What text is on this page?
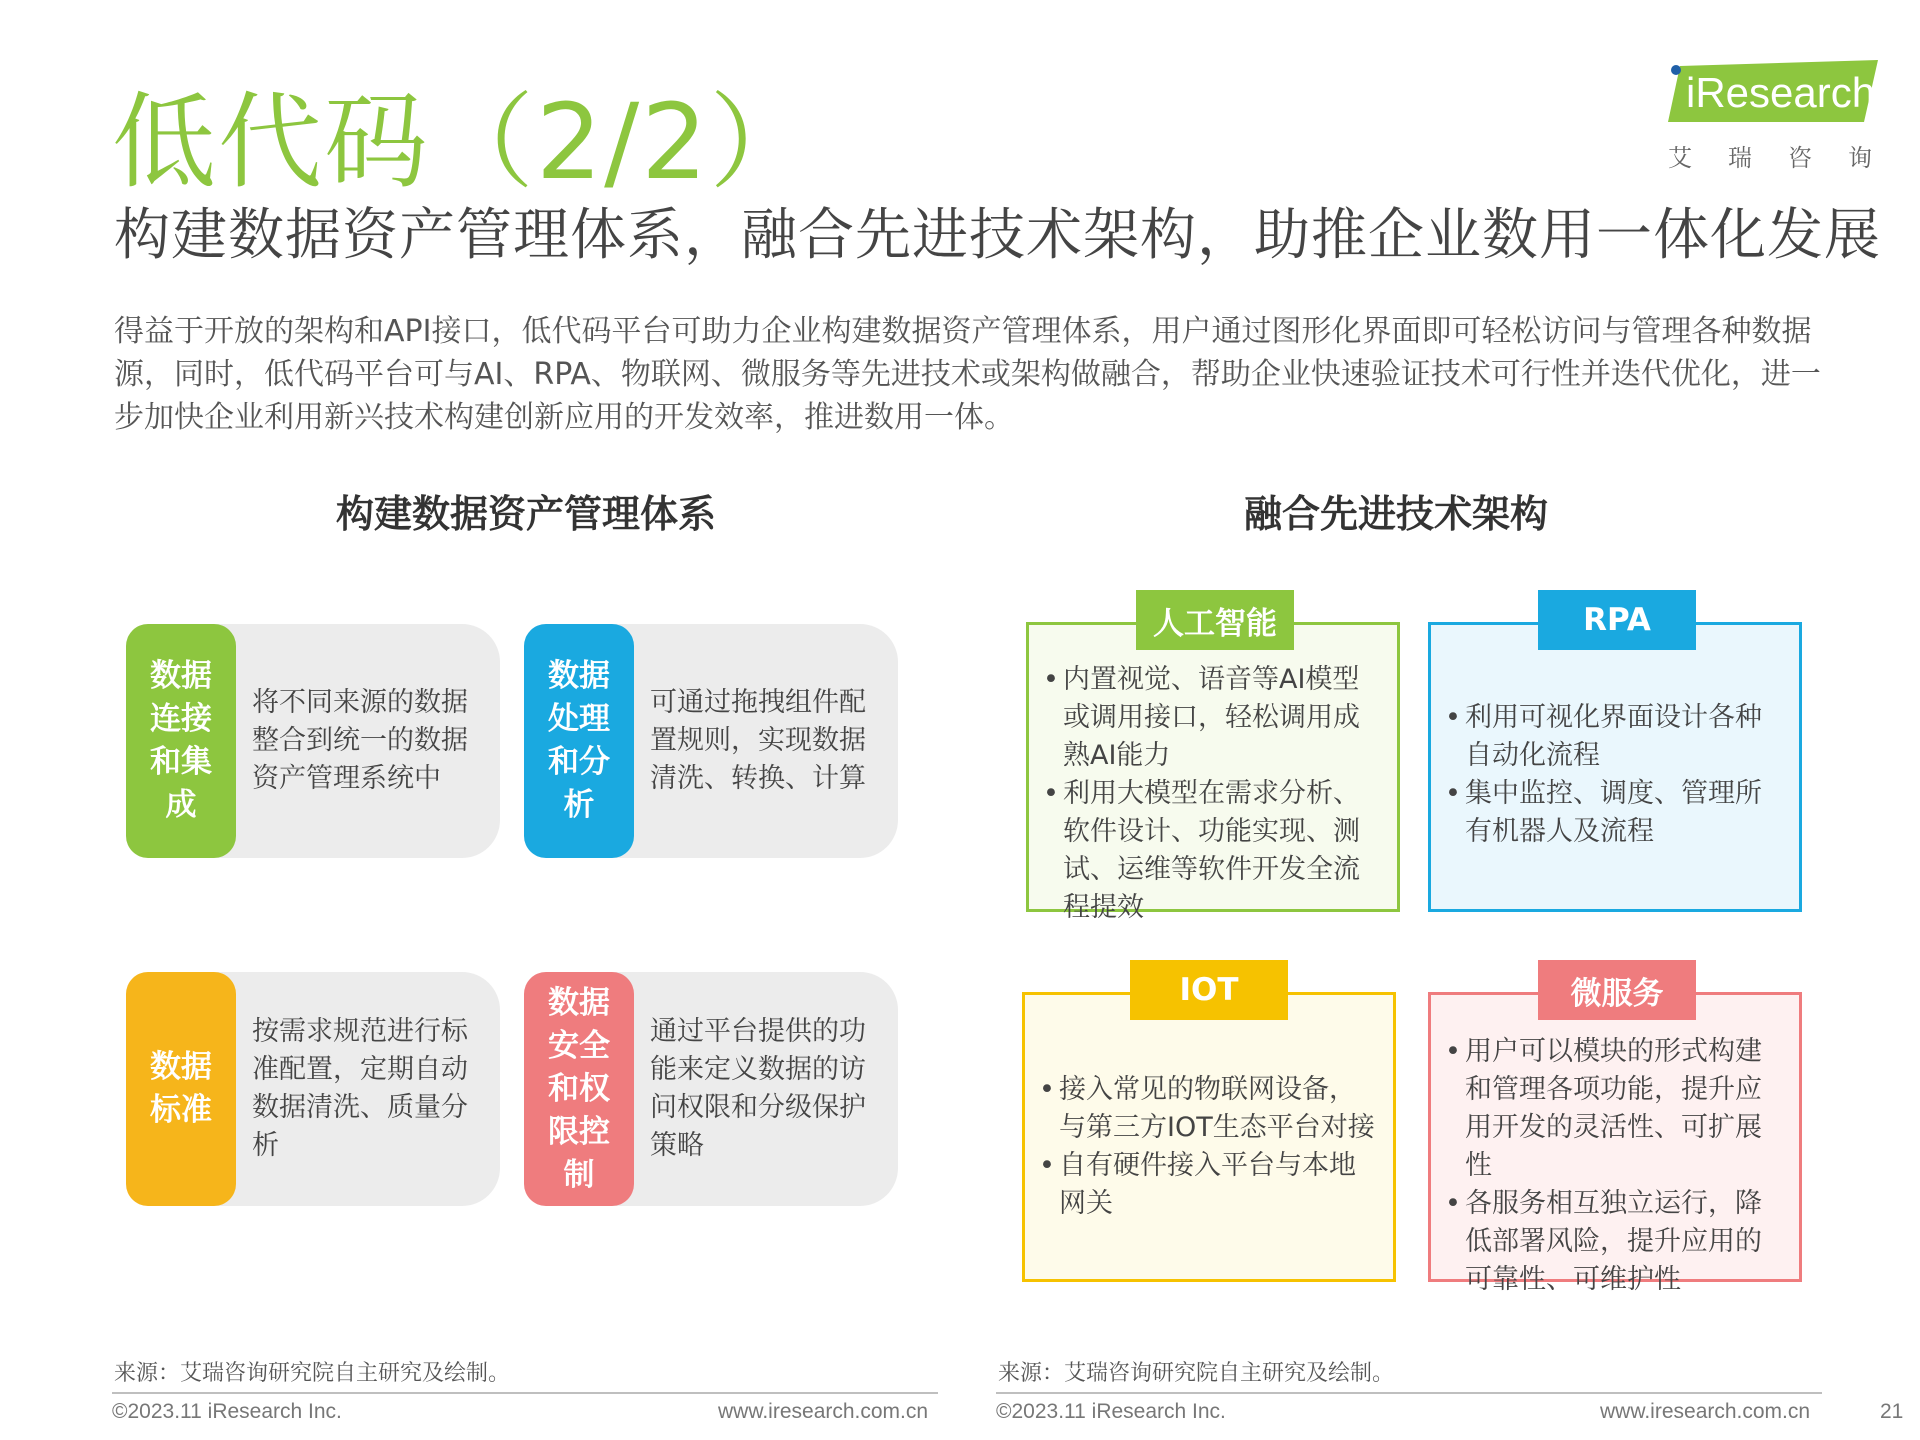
低代码（2/2）
构建数据资产管理体系，融合先进技术架构，助推企业数用一体化发展
得益于开放的架构和API接口，低代码平台可助力企业构建数据资产管理体系，用户通过图形化界面即可轻松访问与管理各种数据源，同时，低代码平台可与AI、RPA、物联网、微服务等先进技术或架构做融合，帮助企业快速验证技术可行性并迭代优化，进一步加快企业利用新兴技术构建创新应用的开发效率，推进数用一体。
iResearch
艾	瑞	咨	询
构建数据资产管理体系	融合先进技术架构
数据连接和集成
将不同来源的数据整合到统一的数据资产管理系统中
数据处理和分析
可通过拖拽组件配置规则，实现数据清洗、转换、计算
数据标准
按需求规范进行标准配置，定期自动数据清洗、质量分析
数据安全和权限控制
通过平台提供的功能来定义数据的访问权限和分级保护策略
• 内置视觉、语音等AI模型或调用接口，轻松调用成熟AI能力
• 利用大模型在需求分析、软件设计、功能实现、测试、运维等软件开发全流程提效
人工智能
• 利用可视化界面设计各种自动化流程
• 集中监控、调度、管理所有机器人及流程
RPA
• 接入常见的物联网设备，与第三方IOT生态平台对接
• 自有硬件接入平台与本地网关
IOT
• 用户可以模块的形式构建和管理各项功能，提升应用开发的灵活性、可扩展性
• 各服务相互独立运行，降低部署风险，提升应用的可靠性、可维护性
微服务
来源：艾瑞咨询研究院自主研究及绘制。	来源：艾瑞咨询研究院自主研究及绘制。
©2023.11 iResearch Inc.	www.iresearch.com.cn	©2023.11 iResearch Inc.	www.iresearch.com.cn	21
